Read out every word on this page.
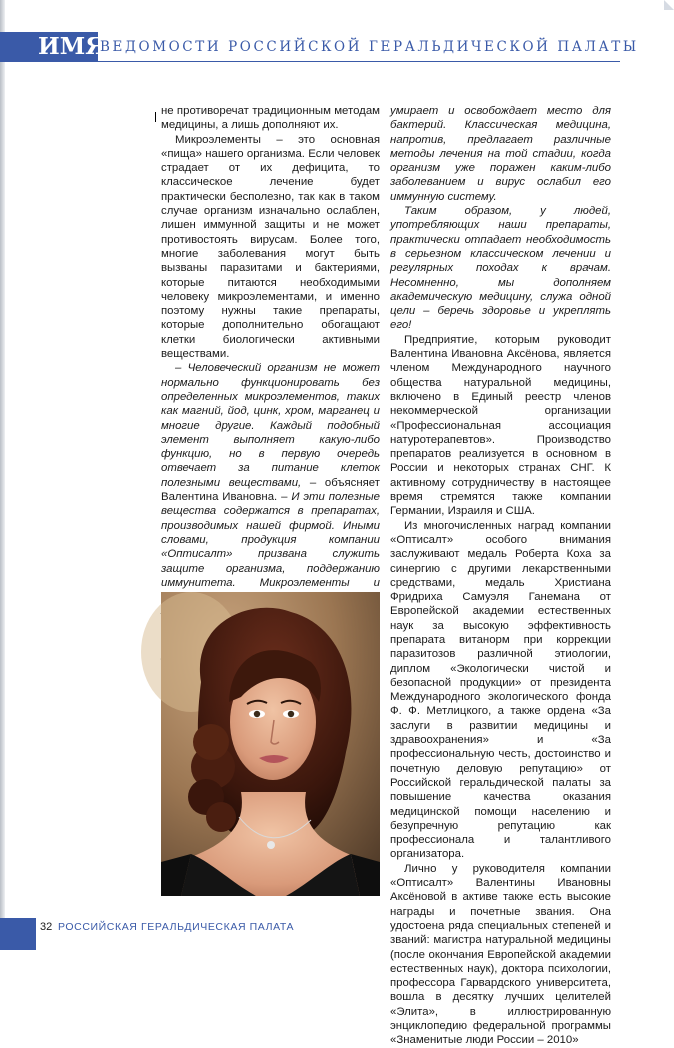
ИМЯ
ВЕДОМОСТИ РОССИЙСКОЙ ГЕРАЛЬДИЧЕСКОЙ ПАЛАТЫ

не противоречат традиционным методам медицины, а лишь дополняют их.

Микроэлементы – это основная «пища» нашего организма. Если человек страдает от их дефицита, то классическое лечение будет практически бесполезно, так как в таком случае организм изначально ослаблен, лишен иммунной защиты и не может противостоять вирусам. Более того, многие заболевания могут быть вызваны паразитами и бактериями, которые питаются необходимыми человеку микроэлементами, и именно поэтому нужны такие препараты, которые дополнительно обогащают клетки биологически активными веществами.

– Человеческий организм не может нормально функционировать без определенных микроэлементов, таких как магний, йод, цинк, хром, марганец и многие другие. Каждый подобный элемент выполняет какую-либо функцию, но в первую очередь отвечает за питание клеток полезными веществами, – объясняет Валентина Ивановна. – И эти полезные вещества содержатся в препаратах, производимых нашей фирмой. Иными словами, продукция компании «Оптисалт» призвана служить защите организма, поддержанию иммунитета. Микроэлементы и

умирает и освобождает место для бактерий. Классическая медицина, напротив, предлагает различные методы лечения на той стадии, когда организм уже поражен каким-либо заболеванием и вирус ослабил его иммунную систему.

Таким образом, у людей, употребляющих наши препараты, практически отпадает необходимость в серьезном классическом лечении и регулярных походах к врачам. Несомненно, мы дополняем академическую медицину, служа одной цели – беречь здоровье и укреплять его!

Предприятие, которым руководит Валентина Ивановна Аксёнова, является членом Международного научного общества натуральной медицины, включено в Единый реестр членов некоммерческой организации «Профессиональная ассоциация натуротерапевтов». Производство препаратов реализуется в основном в России и некоторых странах СНГ. К активному сотрудничеству в настоящее время стремятся также компании Германии, Израиля и США.

Из многочисленных наград компании «Оптисалт» особого внимания заслуживают медаль Роберта Коха за синергию с другими лекарственными средствами, медаль Христиана Фридриха Самуэля Ганемана от Европейской академии естественных наук за высокую эффективность препарата витаноpм при коррекции паразитозов различной этиологии, диплом «Экологически чистой и безопасной продукции» от президента Международного экологического фонда Ф. Ф. Метлицкого, а также ордена «За заслуги в развитии медицины и здравоохранения» и «За профессиональную честь, достоинство и почетную деловую репутацию» от Российской геральдической палаты за повышение качества оказания медицинской помощи населению и безупречную репутацию как профессионала и талантливого организатора.

Лично у руководителя компании «Оптисалт» Валентины Ивановны Аксёновой в активе также есть высокие награды и почетные звания. Она удостоена ряда специальных степеней и званий: магистра натуральной медицины (после окончания Европейской академии естественных наук), доктора психологии, профессора Гарвардского университета, вошла в десятку лучших целителей «Элита», в иллюстрированную энциклопедию федеральной программы «Знаменитые люди России – 2010»

32 РОССИЙСКАЯ ГЕРАЛЬДИЧЕСКАЯ ПАЛАТА
